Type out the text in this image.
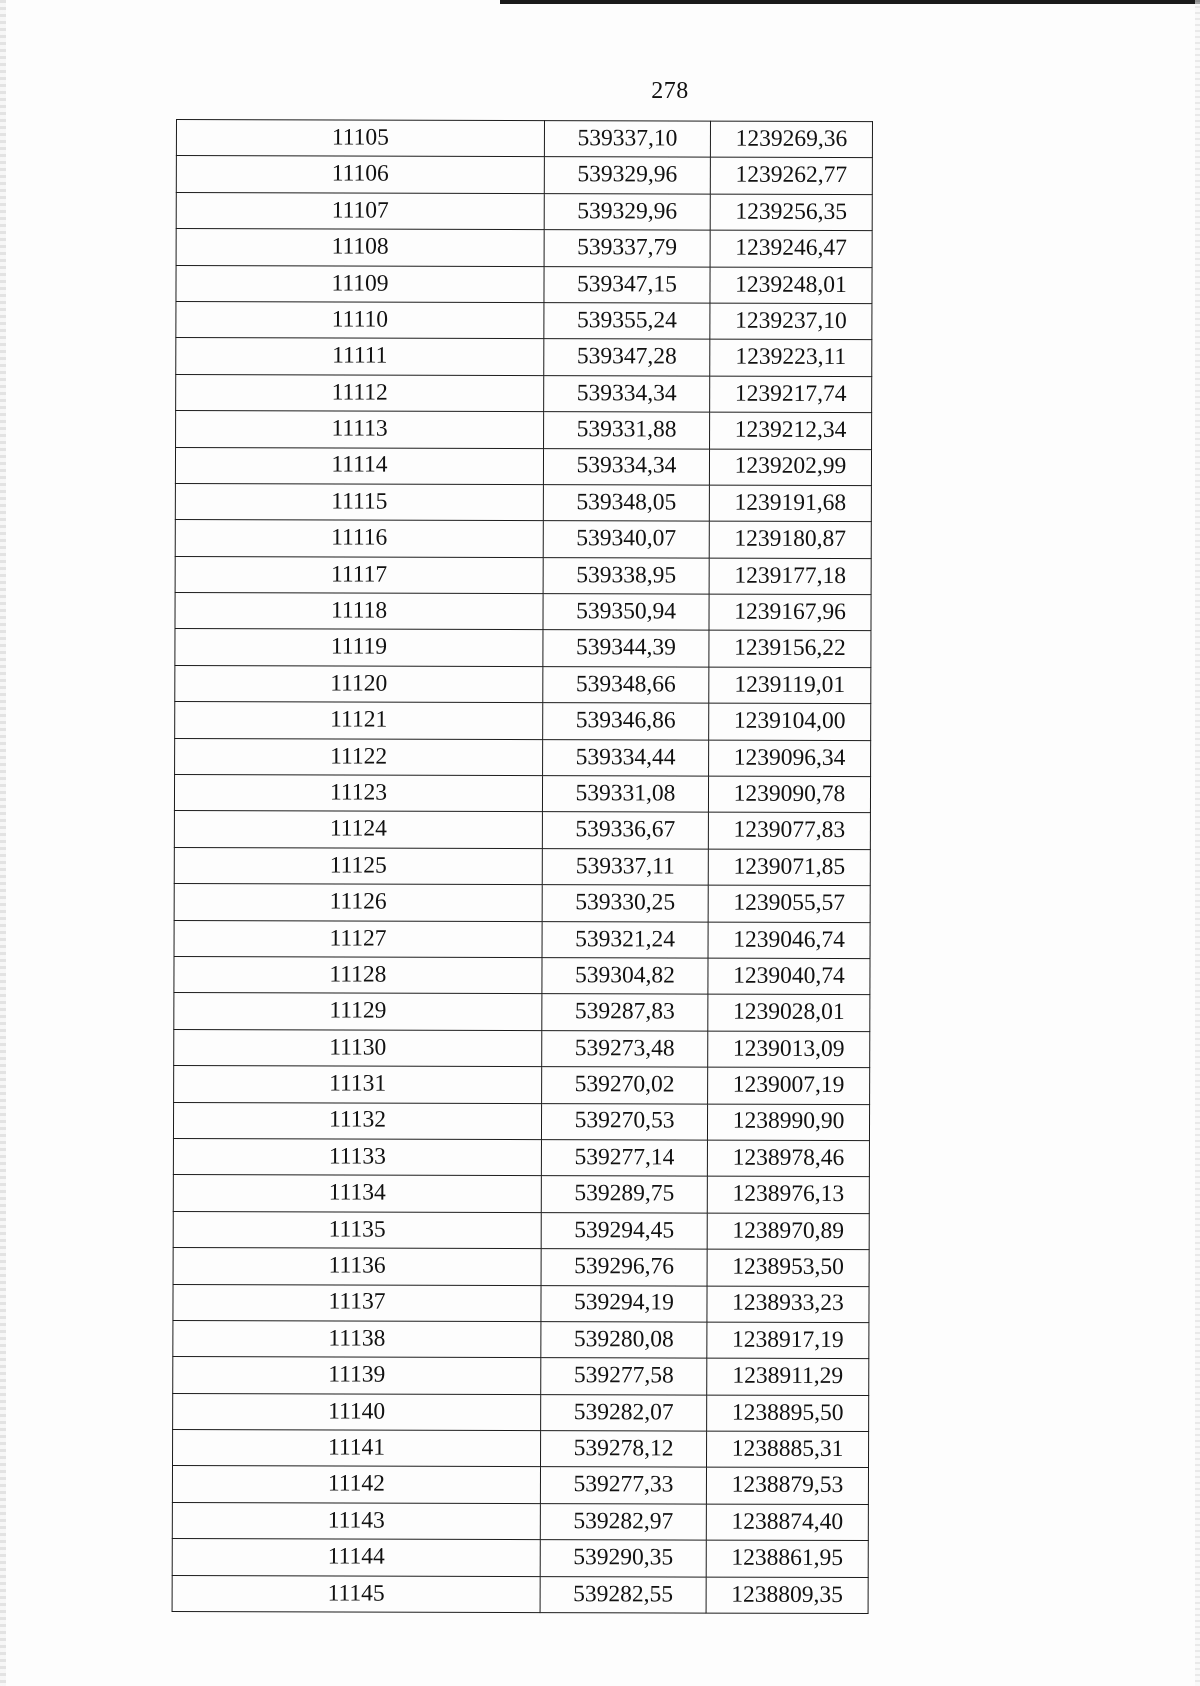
278
11105	539337,10	1239269,36
11106	539329,96	1239262,77
11107	539329,96	1239256,35
11108	539337,79	1239246,47
11109	539347,15	1239248,01
11110	539355,24	1239237,10
11111	539347,28	1239223,11
11112	539334,34	1239217,74
11113	539331,88	1239212,34
11114	539334,34	1239202,99
11115	539348,05	1239191,68
11116	539340,07	1239180,87
11117	539338,95	1239177,18
11118	539350,94	1239167,96
11119	539344,39	1239156,22
11120	539348,66	1239119,01
11121	539346,86	1239104,00
11122	539334,44	1239096,34
11123	539331,08	1239090,78
11124	539336,67	1239077,83
11125	539337,11	1239071,85
11126	539330,25	1239055,57
11127	539321,24	1239046,74
11128	539304,82	1239040,74
11129	539287,83	1239028,01
11130	539273,48	1239013,09
11131	539270,02	1239007,19
11132	539270,53	1238990,90
11133	539277,14	1238978,46
11134	539289,75	1238976,13
11135	539294,45	1238970,89
11136	539296,76	1238953,50
11137	539294,19	1238933,23
11138	539280,08	1238917,19
11139	539277,58	1238911,29
11140	539282,07	1238895,50
11141	539278,12	1238885,31
11142	539277,33	1238879,53
11143	539282,97	1238874,40
11144	539290,35	1238861,95
11145	539282,55	1238809,35
